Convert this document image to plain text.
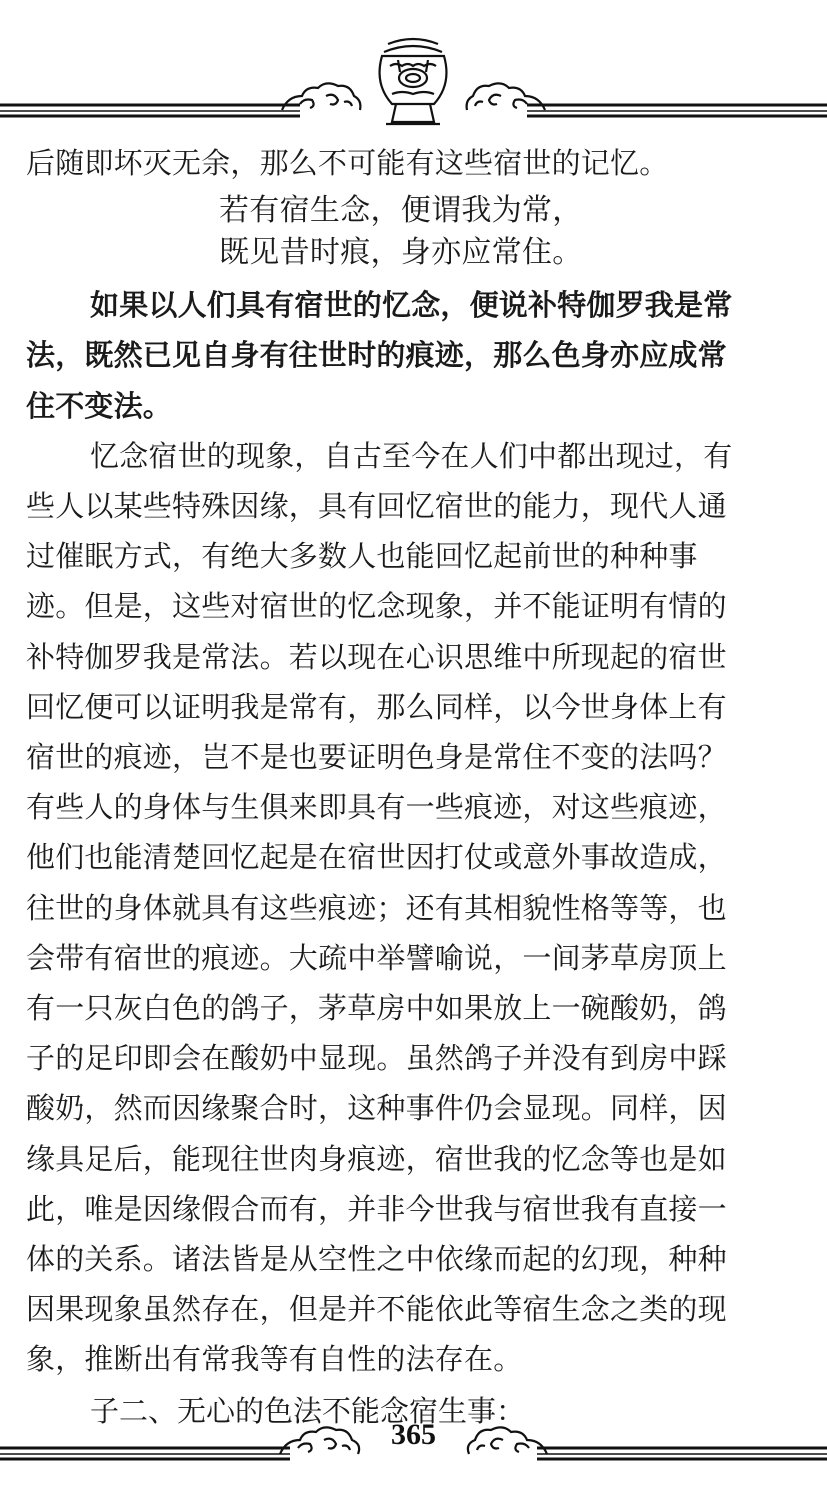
后随即坏灭无余，那么不可能有这些宿世的记忆。
若有宿生念，便谓我为常，
既见昔时痕，身亦应常住。
如果以人们具有宿世的忆念，便说补特伽罗我是常
法，既然已见自身有往世时的痕迹，那么色身亦应成常
住不变法。
忆念宿世的现象，自古至今在人们中都出现过，有
些人以某些特殊因缘，具有回忆宿世的能力，现代人通
过催眠方式，有绝大多数人也能回忆起前世的种种事
迹。但是，这些对宿世的忆念现象，并不能证明有情的
补特伽罗我是常法。若以现在心识思维中所现起的宿世
回忆便可以证明我是常有，那么同样，以今世身体上有
宿世的痕迹，岂不是也要证明色身是常住不变的法吗？
有些人的身体与生俱来即具有一些痕迹，对这些痕迹，
他们也能清楚回忆起是在宿世因打仗或意外事故造成，
往世的身体就具有这些痕迹；还有其相貌性格等等，也
会带有宿世的痕迹。大疏中举譬喻说，一间茅草房顶上
有一只灰白色的鸽子，茅草房中如果放上一碗酸奶，鸽
子的足印即会在酸奶中显现。虽然鸽子并没有到房中踩
酸奶，然而因缘聚合时，这种事件仍会显现。同样，因
缘具足后，能现往世肉身痕迹，宿世我的忆念等也是如
此，唯是因缘假合而有，并非今世我与宿世我有直接一
体的关系。诸法皆是从空性之中依缘而起的幻现，种种
因果现象虽然存在，但是并不能依此等宿生念之类的现
象，推断出有常我等有自性的法存在。
子二、无心的色法不能念宿生事：
365
